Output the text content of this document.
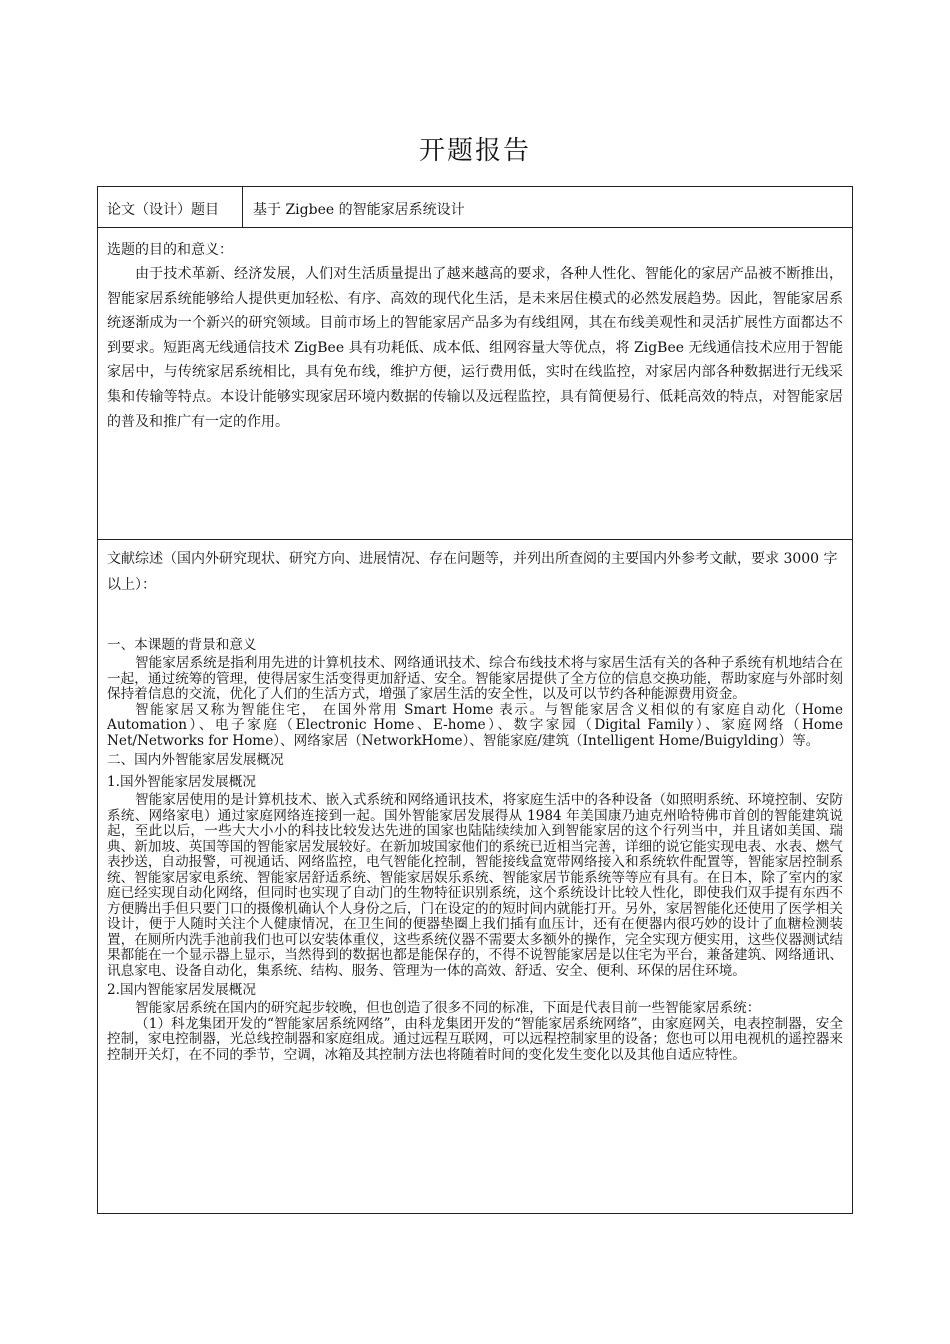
开题报告
论文（设计）题目	基于 Zigbee 的智能家居系统设计
选题的目的和意义：

由于技术革新、经济发展，人们对生活质量提出了越来越高的要求，各种人性化、智能化的家居产品被不断推出，智能家居系统能够给人提供更加轻松、有序、高效的现代化生活，是未来居住模式的必然发展趋势。因此，智能家居系统逐渐成为一个新兴的研究领域。目前市场上的智能家居产品多为有线组网，其在布线美观性和灵活扩展性方面都达不到要求。短距离无线通信技术 ZigBee 具有功耗低、成本低、组网容量大等优点，将 ZigBee 无线通信技术应用于智能家居中，与传统家居系统相比，具有免布线，维护方便，运行费用低，实时在线监控，对家居内部各种数据进行无线采集和传输等特点。本设计能够实现家居环境内数据的传输以及远程监控，具有简便易行、低耗高效的特点，对智能家居的普及和推广有一定的作用。

文献综述（国内外研究现状、研究方向、进展情况、存在问题等，并列出所查阅的主要国内外参考文献，要求 3000 字以上）：

一、本课题的背景和意义

智能家居系统是指利用先进的计算机技术、网络通讯技术、综合布线技术将与家居生活有关的各种子系统有机地结合在一起，通过统筹的管理，使得居家生活变得更加舒适、安全。智能家居提供了全方位的信息交换功能，帮助家庭与外部时刻保持着信息的交流，优化了人们的生活方式，增强了家居生活的安全性，以及可以节约各种能源费用资金。

智能家居又称为智能住宅， 在国外常用 Smart Home 表示。与智能家居含义相似的有家庭自动化（Home Automation）、电子家庭（Electronic Home、E-home）、数字家园（Digital Family）、家庭网络（Home Net/Networks for Home）、网络家居（NetworkHome）、智能家庭/建筑（Intelligent Home/Buigylding）等。

二、国内外智能家居发展概况

1.国外智能家居发展概况

智能家居使用的是计算机技术、嵌入式系统和网络通讯技术，将家庭生活中的各种设备（如照明系统、环境控制、安防系统、网络家电）通过家庭网络连接到一起。国外智能家居发展得从 1984 年美国康乃迪克州哈特佛市首创的智能建筑说起，至此以后，一些大大小小的科技比较发达先进的国家也陆陆续续加入到智能家居的这个行列当中，并且诸如美国、瑞典、新加坡、英国等国的智能家居发展较好。在新加坡国家他们的系统已近相当完善，详细的说它能实现电表、水表、燃气表抄送，自动报警，可视通话、网络监控，电气智能化控制，智能接线盒宽带网络接入和系统软件配置等，智能家居控制系统、智能家居家电系统、智能家居舒适系统、智能家居娱乐系统、智能家居节能系统等等应有具有。在日本，除了室内的家庭已经实现自动化网络，但同时也实现了自动门的生物特征识别系统，这个系统设计比较人性化，即使我们双手提有东西不方便腾出手但只要门口的摄像机确认个人身份之后，门在设定的的短时间内就能打开。另外，家居智能化还使用了医学相关设计，便于人随时关注个人健康情况，在卫生间的便器垫圈上我们插有血压计，还有在便器内很巧妙的设计了血糖检测装置，在厕所内洗手池前我们也可以安装体重仪，这些系统仪器不需要太多额外的操作，完全实现方便实用，这些仪器测试结果都能在一个显示器上显示，当然得到的数据也都是能保存的，不得不说智能家居是以住宅为平台，兼备建筑、网络通讯、讯息家电、设备自动化，集系统、结构、服务、管理为一体的高效、舒适、安全、便利、环保的居住环境。

2.国内智能家居发展概况

智能家居系统在国内的研究起步较晚，但也创造了很多不同的标准，下面是代表目前一些智能家居系统：

（1）科龙集团开发的“智能家居系统网络”，由科龙集团开发的“智能家居系统网络”，由家庭网关，电表控制器，安全控制，家电控制器，光总线控制器和家庭组成。通过远程互联网，可以远程控制家里的设备；您也可以用电视机的遥控器来控制开关灯，在不同的季节，空调，冰箱及其控制方法也将随着时间的变化发生变化以及其他自适应特性。
